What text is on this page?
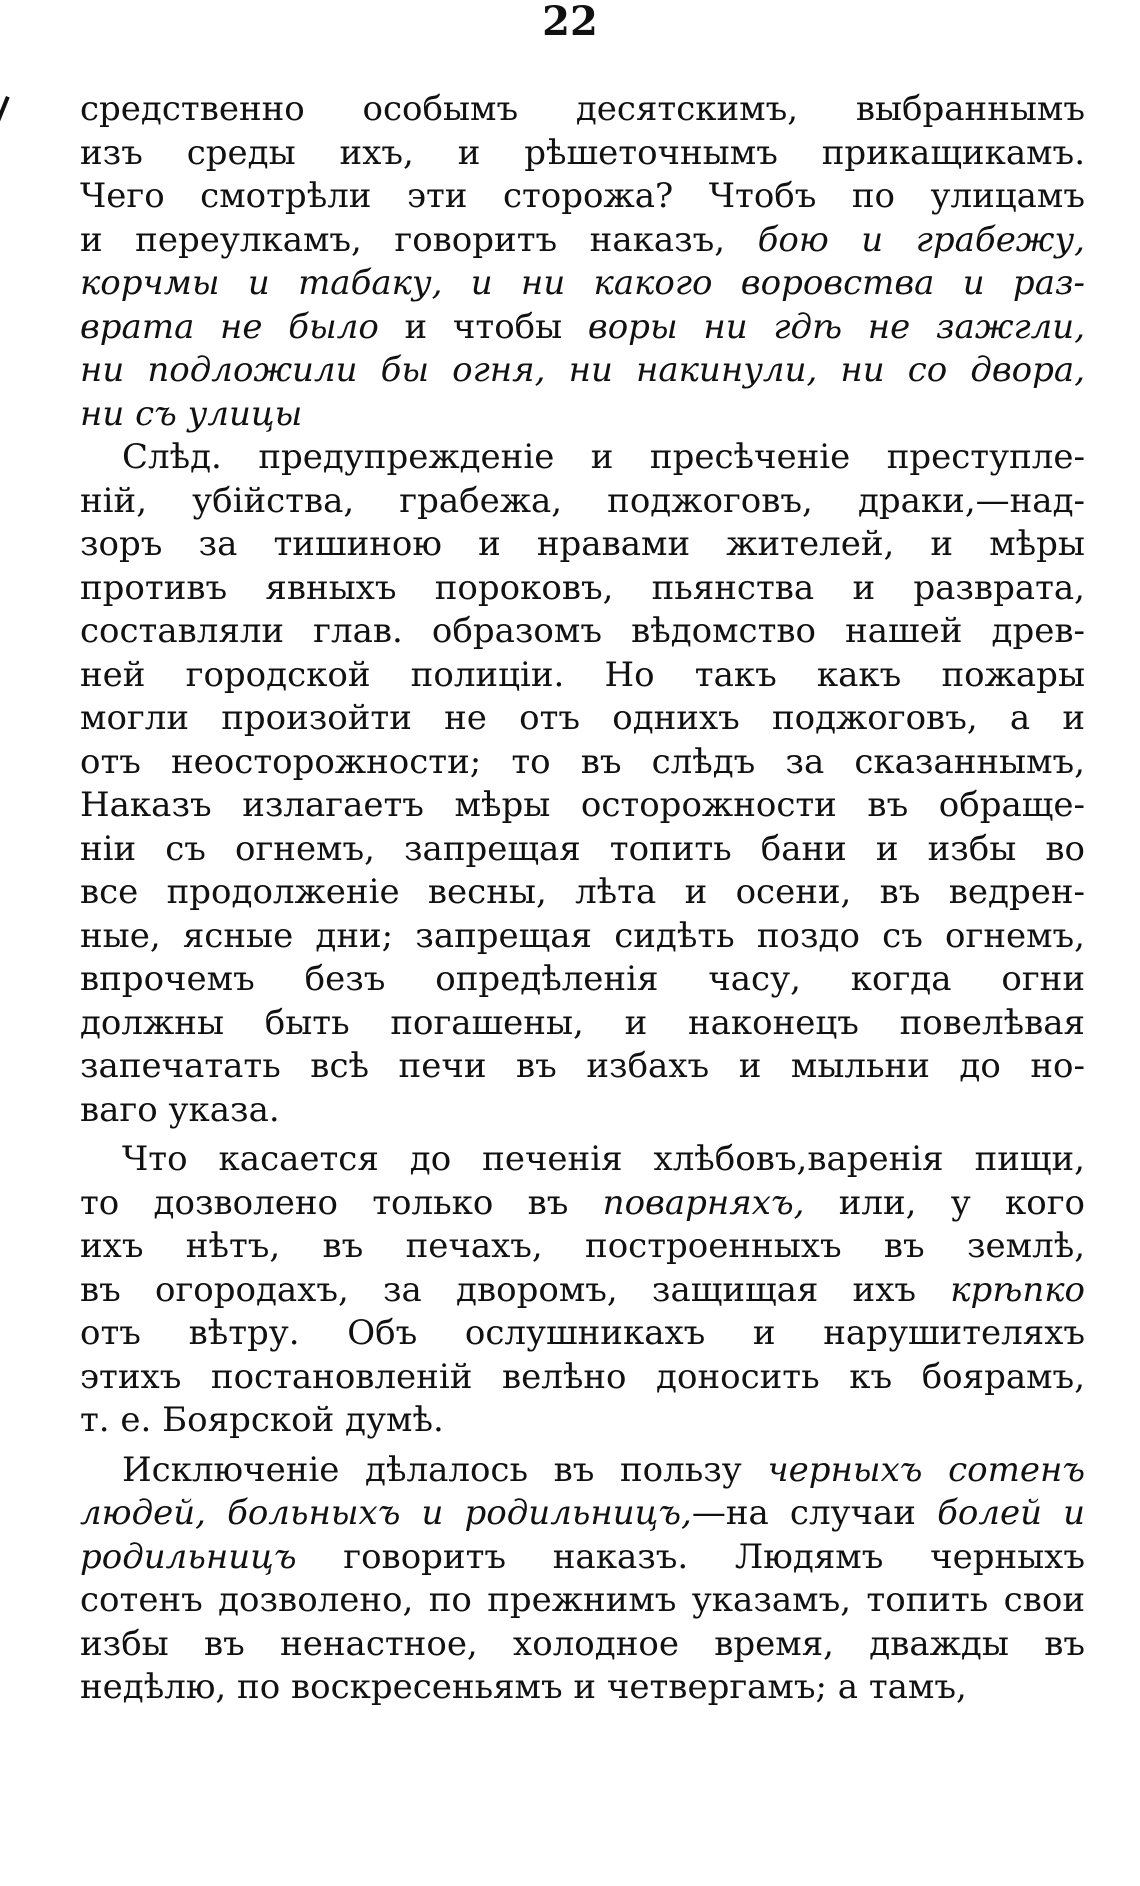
22
средственно особымъ десятскимъ, выбраннымъ
изъ среды ихъ, и рѣшеточнымъ прикащикамъ.
Чего смотрѣли эти сторожа? Чтобъ по улицамъ
и переулкамъ, говоритъ наказъ, бою и грабежу,
корчмы и табаку, и ни какого воровства и раз-
врата не было и чтобы воры ни гдѣ не зажгли,
ни подложили бы огня, ни накинули, ни со двора,
ни съ улицы
Слѣд. предупрежденіе и пресѣченіе преступле-
ній, убійства, грабежа, поджоговъ, драки,—над-
зоръ за тишиною и нравами жителей, и мѣры
противъ явныхъ пороковъ, пьянства и разврата,
составляли глав. образомъ вѣдомство нашей древ-
ней городской полиціи. Но такъ какъ пожары
могли произойти не отъ однихъ поджоговъ, а и
отъ неосторожности; то въ слѣдъ за сказаннымъ,
Наказъ излагаетъ мѣры осторожности въ обраще-
ніи съ огнемъ, запрещая топить бани и избы во
все продолженіе весны, лѣта и осени, въ ведрен-
ные, ясные дни; запрещая сидѣть поздо съ огнемъ,
впрочемъ безъ опредѣленія часу, когда огни
должны быть погашены, и наконецъ повелѣвая
запечатать всѣ печи въ избахъ и мыльни до но-
ваго указа.
Что касается до печенія хлѣбовъ,варенія пищи,
то дозволено только въ поварняхъ, или, у кого
ихъ нѣтъ, въ печахъ, построенныхъ въ землѣ,
въ огородахъ, за дворомъ, защищая ихъ крѣпко
отъ вѣтру. Объ ослушникахъ и нарушителяхъ
этихъ постановленій велѣно доносить къ боярамъ,
т. е. Боярской думѣ.
Исключеніе дѣлалось въ пользу черныхъ сотенъ
людей, больныхъ и родильницъ,—на случаи болей и
родильницъ говоритъ наказъ. Людямъ черныхъ
сотенъ дозволено, по прежнимъ указамъ, топить свои
избы въ ненастное, холодное время, дважды въ
недѣлю, по воскресеньямъ и четвергамъ; а тамъ,
